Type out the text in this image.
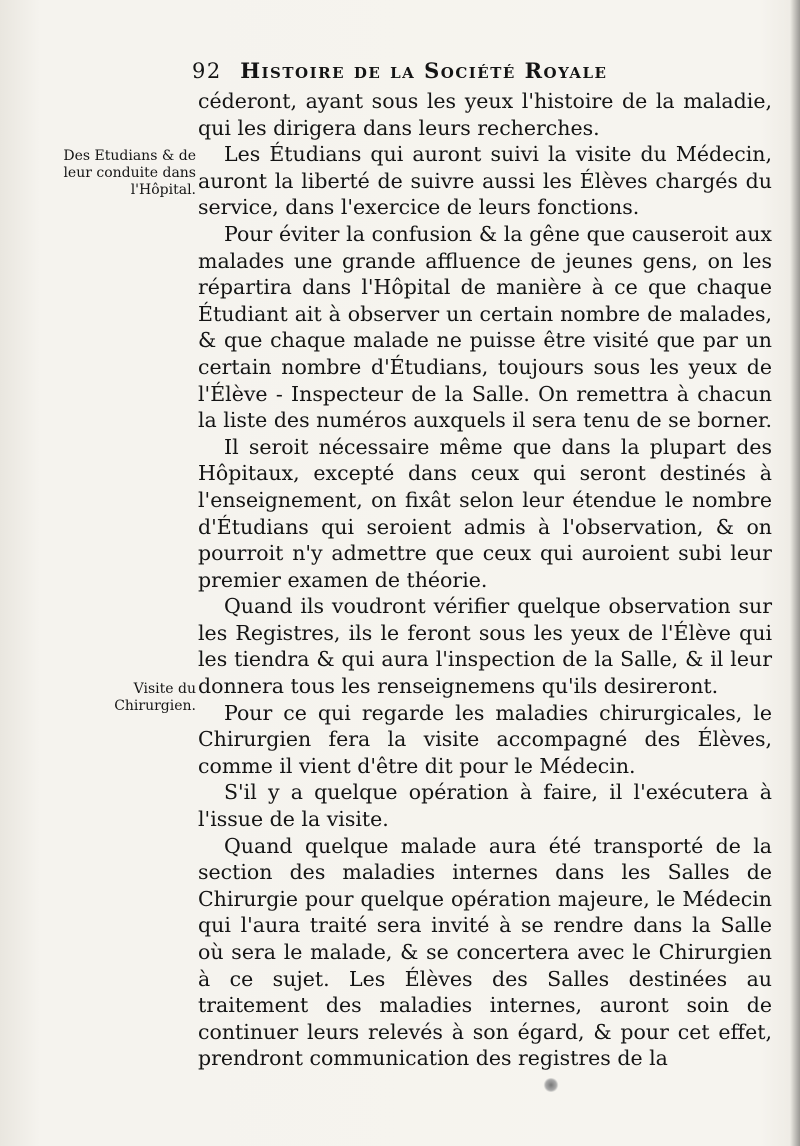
92 Histoire de la Société Royale
Des Etudians & de leur conduite dans l'Hôpital.
Visite du Chirurgien.

céderont, ayant sous les yeux l'histoire de la maladie, qui les dirigera dans leurs recherches.

Les Étudians qui auront suivi la visite du Médecin, auront la liberté de suivre aussi les Élèves chargés du service, dans l'exercice de leurs fonctions.

Pour éviter la confusion & la gêne que causeroit aux malades une grande affluence de jeunes gens, on les répartira dans l'Hôpital de manière à ce que chaque Étudiant ait à observer un certain nombre de malades, & que chaque malade ne puisse être visité que par un certain nombre d'Étudians, toujours sous les yeux de l'Élève - Inspecteur de la Salle. On remettra à chacun la liste des numéros auxquels il sera tenu de se borner.

Il seroit nécessaire même que dans la plupart des Hôpitaux, excepté dans ceux qui seront destinés à l'enseignement, on fixât selon leur étendue le nombre d'Étudians qui seroient admis à l'observation, & on pourroit n'y admettre que ceux qui auroient subi leur premier examen de théorie.

Quand ils voudront vérifier quelque observation sur les Registres, ils le feront sous les yeux de l'Élève qui les tiendra & qui aura l'inspection de la Salle, & il leur donnera tous les renseignemens qu'ils desireront.

Pour ce qui regarde les maladies chirurgicales, le Chirurgien fera la visite accompagné des Élèves, comme il vient d'être dit pour le Médecin.

S'il y a quelque opération à faire, il l'exécutera à l'issue de la visite.

Quand quelque malade aura été transporté de la section des maladies internes dans les Salles de Chirurgie pour quelque opération majeure, le Médecin qui l'aura traité sera invité à se rendre dans la Salle où sera le malade, & se concertera avec le Chirurgien à ce sujet. Les Élèves des Salles destinées au traitement des maladies internes, auront soin de continuer leurs relevés à son égard, & pour cet effet, prendront communication des registres de la
